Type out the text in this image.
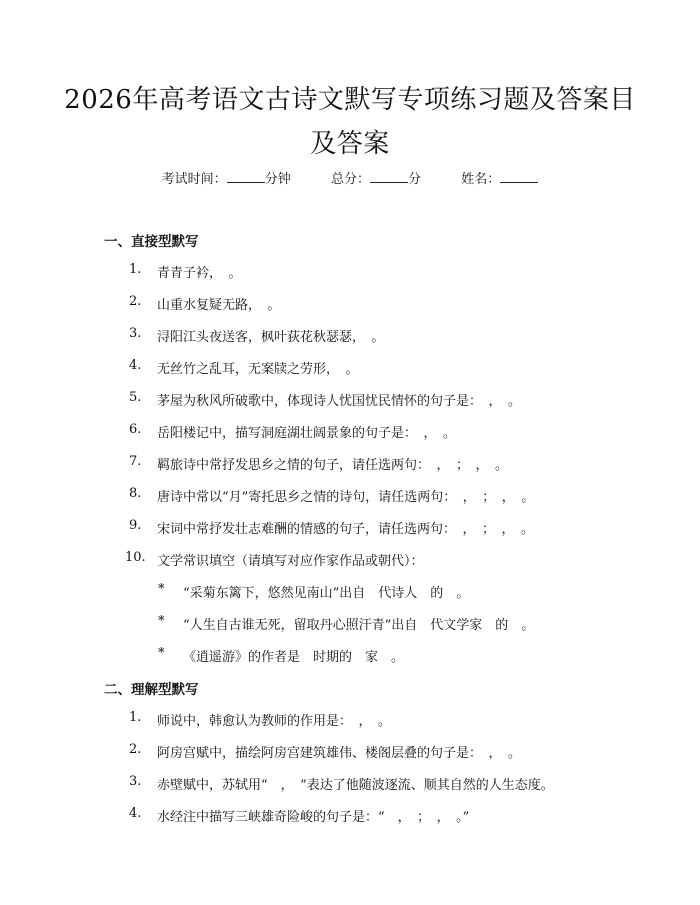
2026年高考语文古诗文默写专项练习题及答案目及答案
考试时间：	分钟	总分：	分	姓名：
一、直接型默写
1. 青青子衿，　。
2. 山重水复疑无路，　。
3. 浔阳江头夜送客，枫叶荻花秋瑟瑟，　。
4. 无丝竹之乱耳，无案牍之劳形，　。
5. 茅屋为秋风所破歌中，体现诗人忧国忧民情怀的句子是：　，　。
6. 岳阳楼记中，描写洞庭湖壮阔景象的句子是：　，　。
7. 羁旅诗中常抒发思乡之情的句子，请任选两句：　，　；　，　。
8. 唐诗中常以“月”寄托思乡之情的诗句，请任选两句：　，　；　，　。
9. 宋词中常抒发壮志难酬的情感的句子，请任选两句：　，　；　，　。
10. 文学常识填空（请填写对应作家作品或朝代）：
* “采菊东篱下，悠然见南山”出自　代诗人　的　。
* “人生自古谁无死，留取丹心照汗青”出自　代文学家　的　。
* 《逍遥游》的作者是　时期的　家　。
二、理解型默写
1. 师说中，韩愈认为教师的作用是：　，　。
2. 阿房宫赋中，描绘阿房宫建筑雄伟、楼阁层叠的句子是：　，　。
3. 赤壁赋中，苏轼用“　，　”表达了他随波逐流、顺其自然的人生态度。
4. 水经注中描写三峡雄奇险峻的句子是：“　，　；　，　。”
